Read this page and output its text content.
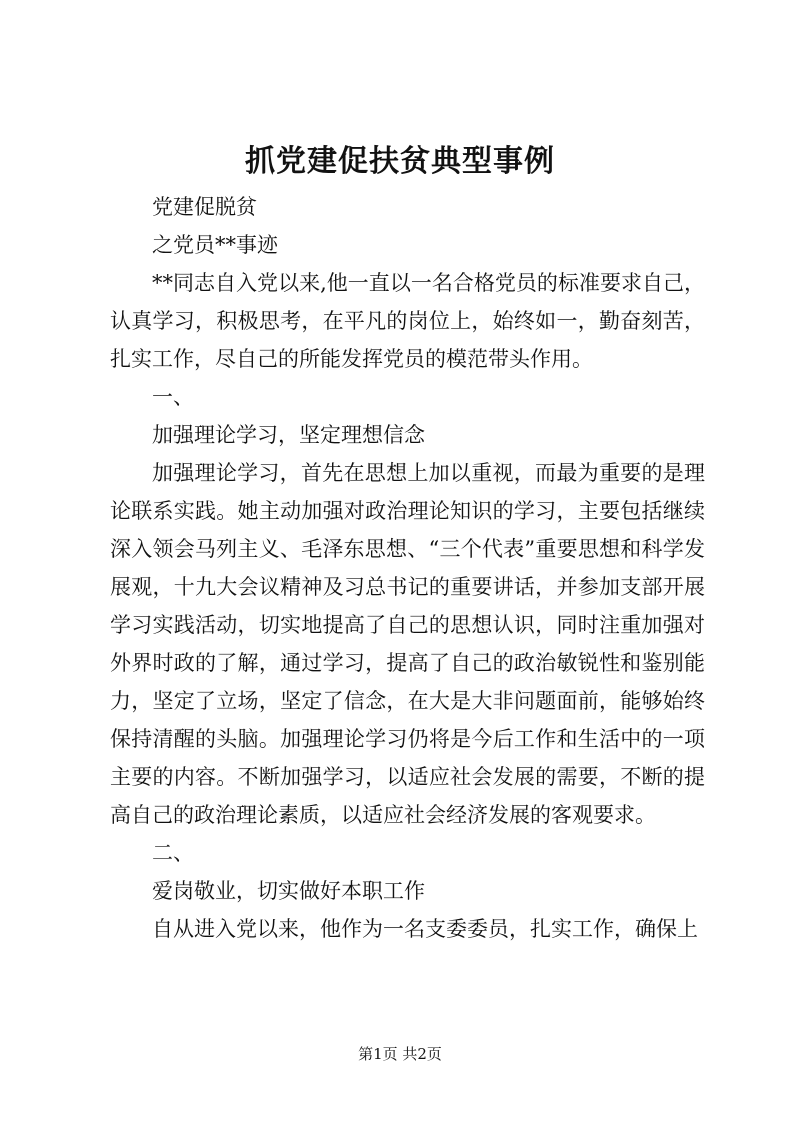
抓党建促扶贫典型事例

党建促脱贫

之党员**事迹

**同志自入党以来,他一直以一名合格党员的标准要求自己，认真学习，积极思考，在平凡的岗位上，始终如一，勤奋刻苦，扎实工作，尽自己的所能发挥党员的模范带头作用。

一、

加强理论学习，坚定理想信念

加强理论学习，首先在思想上加以重视，而最为重要的是理论联系实践。她主动加强对政治理论知识的学习，主要包括继续深入领会马列主义、毛泽东思想、“三个代表”重要思想和科学发展观，十九大会议精神及习总书记的重要讲话，并参加支部开展学习实践活动，切实地提高了自己的思想认识，同时注重加强对外界时政的了解，通过学习，提高了自己的政治敏锐性和鉴别能力，坚定了立场，坚定了信念，在大是大非问题面前，能够始终保持清醒的头脑。加强理论学习仍将是今后工作和生活中的一项主要的内容。不断加强学习，以适应社会发展的需要，不断的提高自己的政治理论素质，以适应社会经济发展的客观要求。

二、

爱岗敬业，切实做好本职工作

自从进入党以来，他作为一名支委委员，扎实工作，确保上

第1页 共2页
